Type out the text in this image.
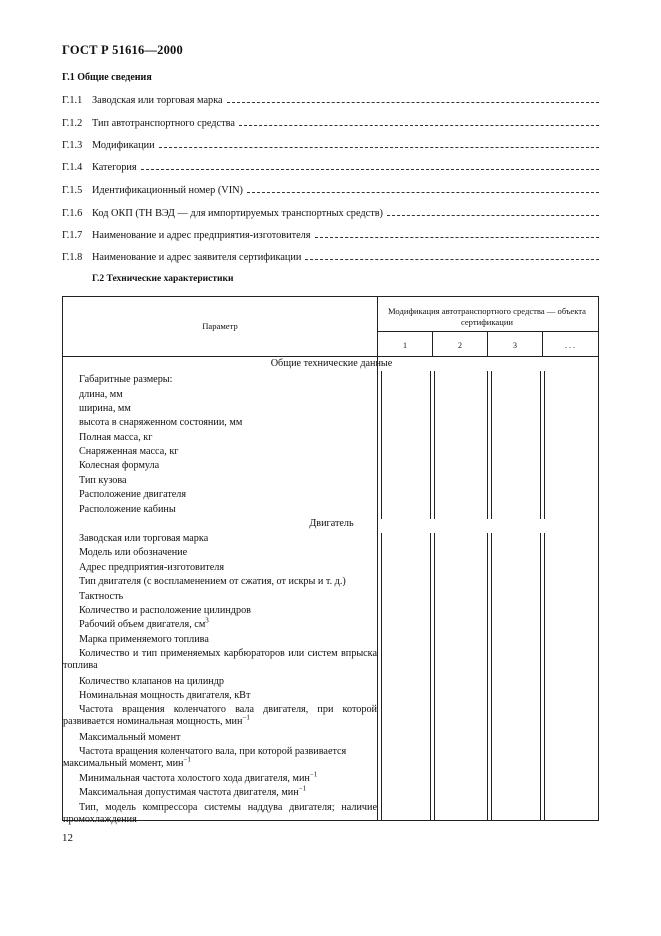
ГОСТ Р 51616—2000
Г.1 Общие сведения
Г.1.1 Заводская или торговая марка
Г.1.2 Тип автотранспортного средства
Г.1.3 Модификации
Г.1.4 Категория
Г.1.5 Идентификационный номер (VIN)
Г.1.6 Код ОКП (ТН ВЭД — для импортируемых транспортных средств)
Г.1.7 Наименование и адрес предприятия-изготовителя
Г.1.8 Наименование и адрес заявителя сертификации
Г.2 Технические характеристики
Параметр
Модификация автотранспортного средства — объекта сертификации
1	2	3	. . .
Общие технические данные
Габаритные размеры:
длина, мм
ширина, мм
высота в снаряженном состоянии, мм
Полная масса, кг
Снаряженная масса, кг
Колесная формула
Тип кузова
Расположение двигателя
Расположение кабины
Двигатель
Заводская или торговая марка
Модель или обозначение
Адрес предприятия-изготовителя
Тип двигателя (с воспламенением от сжатия, от искры и т. д.)
Тактность
Количество и расположение цилиндров
Рабочий объем двигателя, $см^3$
Марка применяемого топлива
Количество и тип применяемых карбюраторов или систем впрыска топлива
Количество клапанов на цилиндр
Номинальная мощность двигателя, кВт
Частота вращения коленчатого вала двигателя, при которой развивается номинальная мощность, мин$^{-1}$
Максимальный момент
Частота вращения коленчатого вала, при которой развивается максимальный момент, мин$^{-1}$
Минимальная частота холостого хода двигателя, мин$^{-1}$
Максимальная допустимая частота двигателя, мин$^{-1}$
Тип, модель компрессора системы наддува двигателя; наличие промохлаждения
12
